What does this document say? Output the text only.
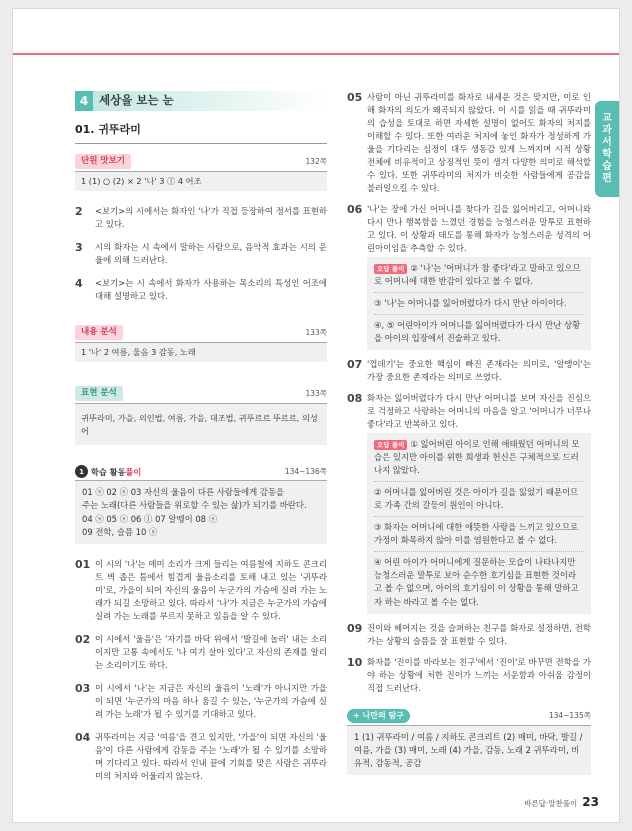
교
과
서
학
습
편
4 세상을 보는 눈
01. 귀뚜라미
단원 맛보기	132쪽
1 (1) ○ (2) × 2 '나' 3 ⓛ 4 어조
2	<보기>의 시에서는 화자인 '나'가 직접 등장하여 정서를 표현하고 있다.
3	시의 화자는 시 속에서 말하는 사람으로, 음악적 효과는 시의 운율에 의해 드러난다.
4	<보기>는 시 속에서 화자가 사용하는 목소리의 특성인 어조에 대해 설명하고 있다.
내용 분석	133쪽
1 '나' 2 여름, 울음 3 감동, 노래
표현 분석	133쪽
귀뚜라미, 가을, 의인법, 여름, 가을, 대조법, 귀뚜르르 뚜르르, 의성어
1 학습 활동 풀이	134~136쪽
01 ⓢ 02 ⓢ 03 자신의 울음이 다른 사람들에게 감동을
주는 노래(다른 사람들을 위로할 수 있는 삶)가 되기를 바란다.
04 ⓢ 05 ⓢ 06 ⓛ 07 알뗑이 08 ⓢ
09 전학, 슬픔 10 ⓢ
01 이 시의 '나'는 매미 소리가 크게 들리는 여름철에 지하도 콘크리트 벽 좁은 틈에서 힘겹게 울음소리를 토해 내고 있는 '귀뚜라미'로, 가을이 되어 자신의 울음이 누군가의 가슴에 실려 가는 노래가 되길 소망하고 있다. 따라서 '나'가 지금은 누군가의 가슴에 실려 가는 노래를 부르지 못하고 있음을 알 수 있다.
02 이 시에서 '울음'은 '자기를 바닥 위에서 '발길에 놀러' 내는 소리이지만 고통 속에서도 '나 여기 살아 있다'고 자신의 존재를 알리는 소리이기도 하다.
03 이 시에서 '나'는 지금은 자신의 울음이 '노래'가 아니지만 가을이 되면 '누군가의 마음 하나 움길 수 있는, '누군가의 가슴에 실려 가는 노래'가 될 수 있기를 기대하고 있다.
04 귀뚜라미는 지금 '여름'을 견고 있지만, '가을'이 되면 자신의 '울음'이 다른 사람에게 감동을 주는 '노래'가 될 수 있기를 소망하며 기다리고 있다. 따라서 인내 끝에 기회를 맞은 사람은 귀뚜라미의 처지와 어울리지 않는다.
05 사람이 아닌 귀뚜라미를 화자로 내세운 것은 맞지만, 이로 인해 화자의 의도가 왜곡되지 않았다. 이 시를 읽을 때 귀뚜라미의 습성을 토대로 하면 자세한 설명이 없어도 화자의 처지를 이해할 수 있다. 또한 여러운 처지에 놓인 화자가 정성하게 가울을 기다리는 심정이 대두 생동감 있게 느껴지며 시적 상황 전체에 비유적이고 상징적인 뜻이 생겨 다양한 의미로 해석할 수 있다. 또한 귀뚜라미의 처지가 비슷한 사람들에게 공감을 불러일으킬 수 있다.
06 '나'는 장에 가신 어머니를 찾다가 길을 잃어버리고, 어머니와 다시 만나 행복함을 느꼈던 경험을 능청스러운 말투로 표현하고 있다. 이 상황과 태도를 통해 화자가 능청스러운 성격의 어린아이임을 추측할 수 있다.
오답 풀이 ② '나'는 '어머니가 참 좋다'라고 말하고 있으므로 어머니에 대한 반감이 있다고 볼 수 없다.
③ '나'는 어머니를 잃어버렸다가 다시 만난 아이이다.
④, ⑤ 어린아이가 어머니를 잃어버렸다가 다시 만난 상황을 아이의 입장에서 진술하고 있다.
07 '껍데기'는 중요한 핵심이 빠진 존재라는 의미로, '알맹이'는 가장 중요한 존재라는 의미로 쓰였다.
08 화자는 잃어버렸다가 다시 만난 어머니를 보며 자신을 진심으로 걱정하고 사랑하는 어머니의 마음을 알고 '어머니가 너무나 좋다'라고 반복하고 있다.
오답 풀이 ① 잃어버린 아이로 인해 애태웠던 어머니의 모습은 있지만 아이를 위한 희생과 헌신은 구체적으로 드러나지 않았다.
② 어머니를 잃어버린 것은 아이가 길을 잃었기 때문이므로 가족 간의 갈등이 원인이 아니다.
③ 화자는 어머니에 대한 애뜻한 사랑을 느끼고 있으므로 가정이 화목하지 않아 이를 염원한다고 볼 수 없다.
④ 어린 아이가 어머니에게 질문하는 모습이 나타나지만 능청스러운 말투로 보아 순수한 호기심을 표현한 것이라고 볼 수 없으며, 아이의 호기심이 이 상황을 통해 말하고자 하는 바라고 볼 수는 없다.
09 진이와 헤어지는 것을 슬퍼하는 친구를 화자로 설정하면, 전학 가는 상황의 슬픔을 잘 표현할 수 있다.
10 화자를 '진이를 바라보는 친구'에서 '진이'로 바꾸면 전학을 가야 하는 상황에 처한 진이가 느끼는 서운함과 아쉬움 감정이 직접 드러난다.
+ 나만의 탐구	134~135쪽
1 (1) 귀뚜라미 / 여름 / 지하도 콘크리트 (2) 매미, 바닥, 발길 / 여음, 가을 (3) 매미, 노래 (4) 가을, 감동, 노래 2 귀뚜라미, 비유적, 감동적, 공감
바른답·알찬풀이 23
